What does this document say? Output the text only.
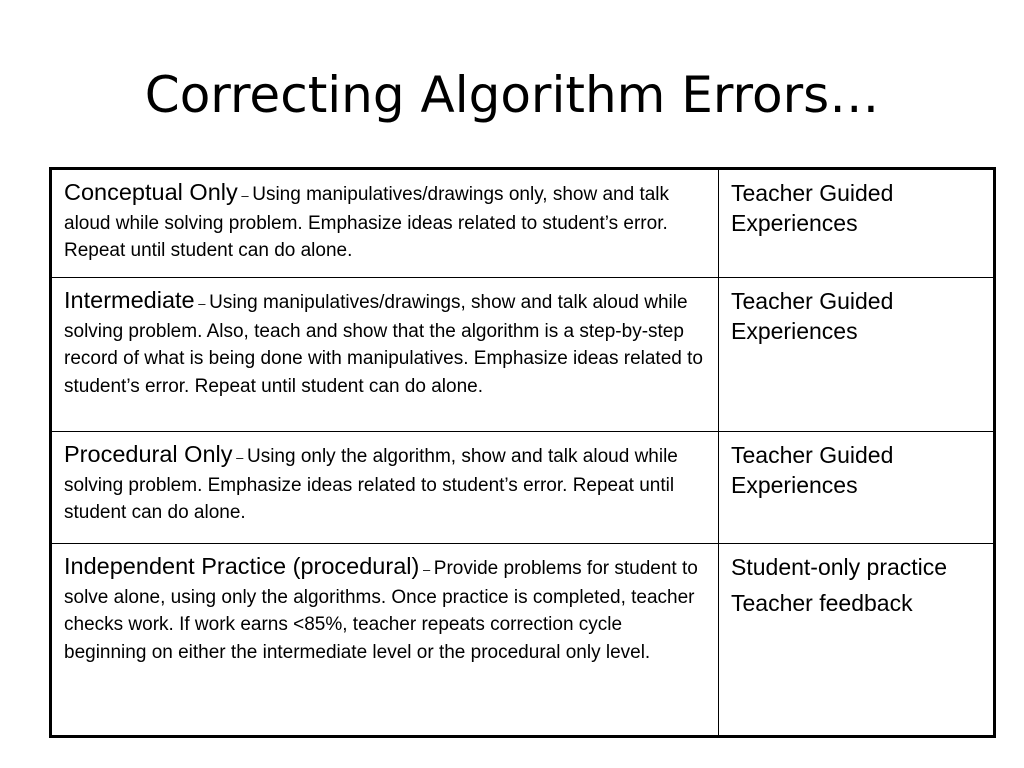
Correcting Algorithm Errors…
Conceptual Only – Using manipulatives/drawings only, show and talk aloud while solving problem. Emphasize ideas related to student’s error. Repeat until student can do alone.	Teacher Guided Experiences

Intermediate – Using manipulatives/drawings, show and talk aloud while solving problem. Also, teach and show that the algorithm is a step-by-step record of what is being done with manipulatives. Emphasize ideas related to student’s error. Repeat until student can do alone.	Teacher Guided Experiences

Procedural Only – Using only the algorithm, show and talk aloud while solving problem. Emphasize ideas related to student’s error. Repeat until student can do alone.	Teacher Guided Experiences

Independent Practice (procedural) – Provide problems for student to solve alone, using only the algorithms. Once practice is completed, teacher checks work. If work earns <85%, teacher repeats correction cycle beginning on either the intermediate level or the procedural only level.	Student-only practice
Teacher feedback
